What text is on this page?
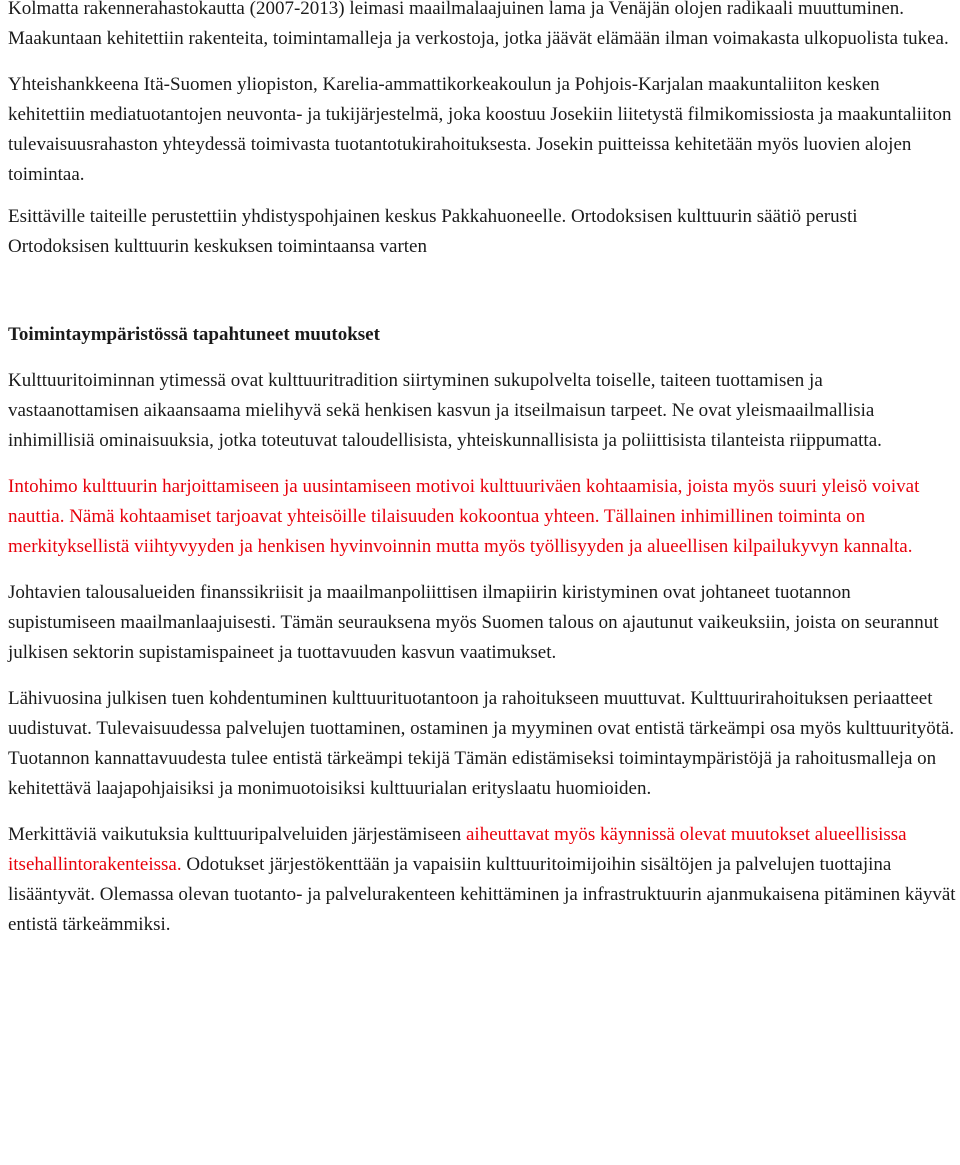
Kolmatta rakennerahastokautta (2007-2013) leimasi maailmalaajuinen lama ja Venäjän olojen radikaali muuttuminen. Maakuntaan kehitettiin rakenteita, toimintamalleja ja verkostoja, jotka jäävät elämään ilman voimakasta ulkopuolista tukea.

Yhteishankkeena Itä-Suomen yliopiston, Karelia-ammattikorkeakoulun ja Pohjois-Karjalan maakuntaliiton kesken kehitettiin mediatuotantojen neuvonta- ja tukijärjestelmä, joka koostuu Josekiin liitetystä filmikomissiosta ja maakuntaliiton tulevaisuusrahaston yhteydessä toimivasta tuotantotukirahoituksesta. Josekin puitteissa kehitetään myös luovien alojen toimintaa.

Esittäville taiteille perustettiin yhdistyspohjainen keskus Pakkahuoneelle. Ortodoksisen kulttuurin säätiö perusti Ortodoksisen kulttuurin keskuksen toimintaansa varten

Toimintaympäristössä tapahtuneet muutokset

Kulttuuritoiminnan ytimessä ovat kulttuuritradition siirtyminen sukupolvelta toiselle, taiteen tuottamisen ja vastaanottamisen aikaansaama mielihyvä sekä henkisen kasvun ja itseilmaisun tarpeet. Ne ovat yleismaailmallisia inhimillisiä ominaisuuksia, jotka toteutuvat taloudellisista, yhteiskunnallisista ja poliittisista tilanteista riippumatta.

Intohimo kulttuurin harjoittamiseen ja uusintamiseen motivoi kulttuuriväen kohtaamisia, joista myös suuri yleisö voivat nauttia. Nämä kohtaamiset tarjoavat yhteisöille tilaisuuden kokoontua yhteen. Tällainen inhimillinen toiminta on merkityksellistä viihtyvyyden ja henkisen hyvinvoinnin mutta myös työllisyyden ja alueellisen kilpailukyvyn kannalta.

Johtavien talousalueiden finanssikriisit ja maailmanpoliittisen ilmapiirin kiristyminen ovat johtaneet tuotannon supistumiseen maailmanlaajuisesti. Tämän seurauksena myös Suomen talous on ajautunut vaikeuksiin, joista on seurannut julkisen sektorin supistamispaineet ja tuottavuuden kasvun vaatimukset.

Lähivuosina julkisen tuen kohdentuminen kulttuurituotantoon ja rahoitukseen muuttuvat. Kulttuurirahoituksen periaatteet uudistuvat. Tulevaisuudessa palvelujen tuottaminen, ostaminen ja myyminen ovat entistä tärkeämpi osa myös kulttuurityötä. Tuotannon kannattavuudesta tulee entistä tärkeämpi tekijä Tämän edistämiseksi toimintaympäristöjä ja rahoitusmalleja on kehitettävä laajapohjaisiksi ja monimuotoisiksi kulttuurialan erityslaatu huomioiden.

Merkittäviä vaikutuksia kulttuuripalveluiden järjestämiseen aiheuttavat myös käynnissä olevat muutokset alueellisissa itsehallintorakenteissa. Odotukset järjestökenttään ja vapaisiin kulttuuritoimijoihin sisältöjen ja palvelujen tuottajina lisääntyvät. Olemassa olevan tuotanto- ja palvelurakenteen kehittäminen ja infrastruktuurin ajanmukaisena pitäminen käyvät entistä tärkeämmiksi.
